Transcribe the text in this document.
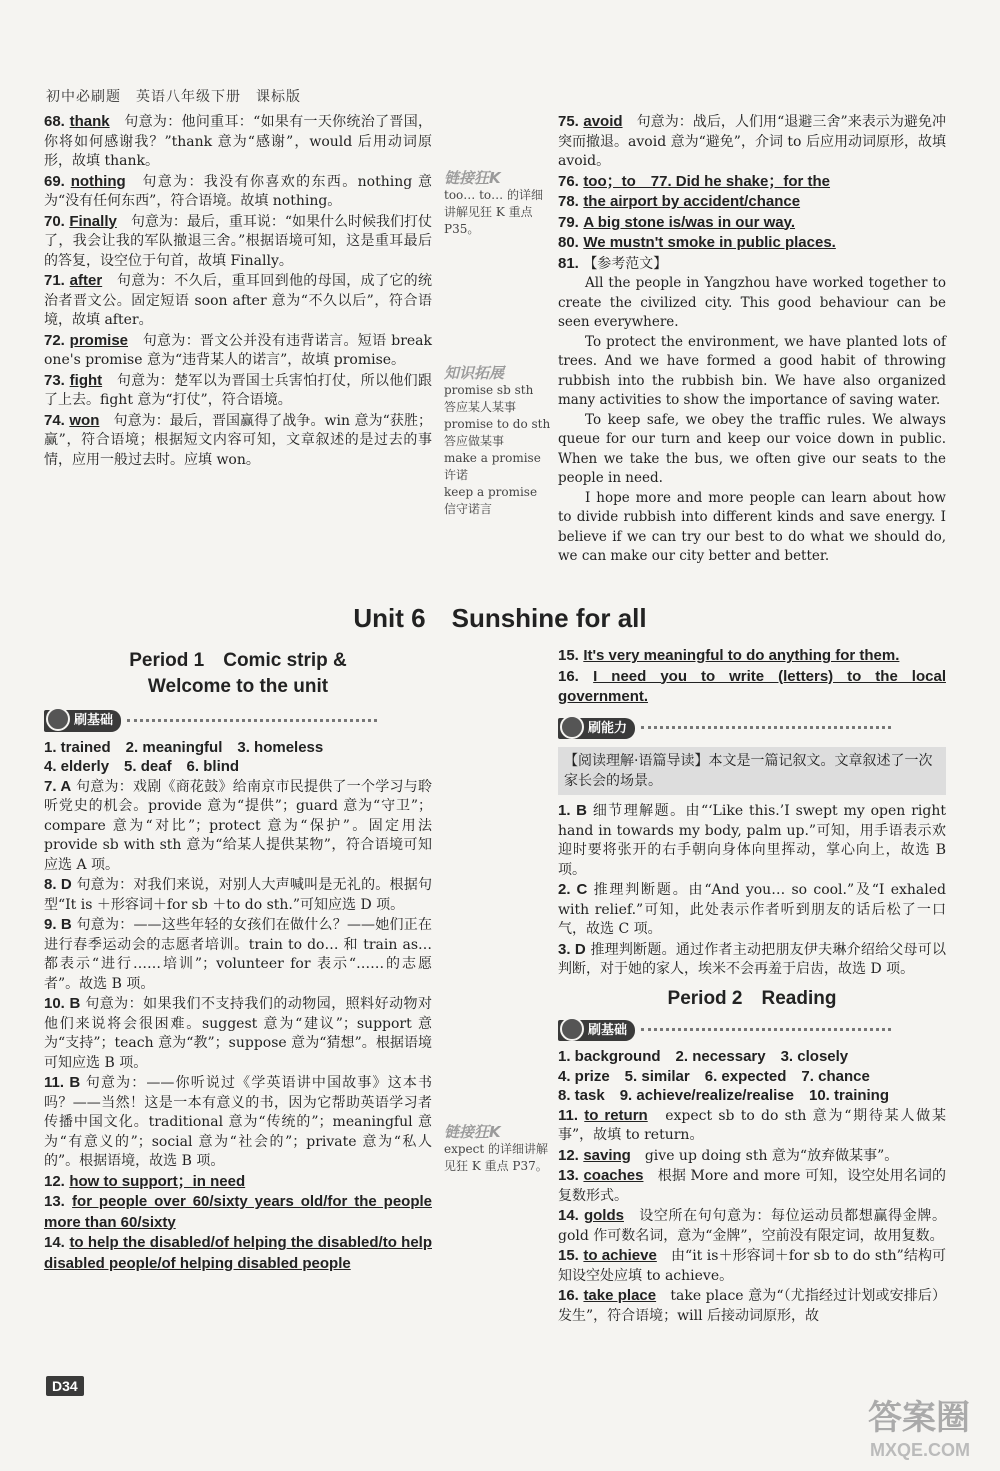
初中必刷题　英语八年级下册　课标版

68. thank　 句意为：他问重耳：“如果有一天你统治了晋国，你将如何感谢我？”thank 意为“感谢”，would 后用动词原形，故填 thank。

69. nothing　 句意为：我没有你喜欢的东西。nothing 意为“没有任何东西”，符合语境。故填 nothing。

70. Finally　 句意为：最后，重耳说：“如果什么时候我们打仗了，我会让我的军队撤退三舍。”根据语境可知，这是重耳最后的答复，设空位于句首，故填 Finally。

71. after　 句意为：不久后，重耳回到他的母国，成了它的统治者晋文公。固定短语 soon after 意为“不久以后”，符合语境，故填 after。

72. promise　 句意为：晋文公并没有违背诺言。短语 break one's promise 意为“违背某人的诺言”，故填 promise。

73. fight　 句意为：楚军以为晋国士兵害怕打仗，所以他们跟了上去。fight 意为“打仗”，符合语境。

74. won　 句意为：最后，晋国赢得了战争。win 意为“获胜；赢”，符合语境；根据短文内容可知，文章叙述的是过去的事情，应用一般过去时。应填 won。

链接狂K
too… to… 的详细讲解见狂 K 重点 P35。
知识拓展
promise sb sth
答应某人某事
promise to do sth
答应做某事
make a promise
许诺
keep a promise
信守诺言

75. avoid　 句意为：战后，人们用“退避三舍”来表示为避免冲突而撤退。avoid 意为“避免”，介词 to 后应用动词原形，故填 avoid。

76. too；to　77. Did he shake；for the　

78. the airport by accident/chance　

79. A big stone is/was in our way.　

80. We mustn't smoke in public places.　

81. 【参考范文】

All the people in Yangzhou have worked together to create the civilized city. This good behaviour can be seen everywhere.

To protect the environment, we have planted lots of trees. And we have formed a good habit of throwing rubbish into the rubbish bin. We have also organized many activities to show the importance of saving water.

To keep safe, we obey the traffic rules. We always queue for our turn and keep our voice down in public. When we take the bus, we often give our seats to the people in need.

I hope more and more people can learn about how to divide rubbish into different kinds and save energy. I believe if we can try our best to do what we should do, we can make our city better and better.

Unit 6　Sunshine for all
Period 1　Comic strip &
Welcome to the unit
刷基础

1. trained　2. meaningful　3. homeless

4. elderly　5. deaf　6. blind

7. A 句意为：戏剧《商花鼓》给南京市民提供了一个学习与聆听党史的机会。provide 意为“提供”；guard 意为“守卫”；compare 意为“对比”；protect 意为“保护”。固定用法 provide sb with sth 意为“给某人提供某物”，符合语境可知应选 A 项。

8. D 句意为：对我们来说，对别人大声喊叫是无礼的。根据句型“It is ＋形容词＋for sb ＋to do sth.”可知应选 D 项。

9. B 句意为：——这些年轻的女孩们在做什么？——她们正在进行春季运动会的志愿者培训。train to do… 和 train as… 都表示“进行……培训”；volunteer for 表示“……的志愿者”。故选 B 项。

10. B 句意为：如果我们不支持我们的动物园，照料好动物对他们来说将会很困难。suggest 意为“建议”；support 意为“支持”；teach 意为“教”；suppose 意为“猜想”。根据语境可知应选 B 项。

11. B 句意为：——你听说过《学英语讲中国故事》这本书吗？——当然！这是一本有意义的书，因为它帮助英语学习者传播中国文化。traditional 意为“传统的”；meaningful 意为“有意义的”；social 意为“社会的”；private 意为“私人的”。根据语境，故选 B 项。

12. how to support；in need　

13. for people over 60/sixty years old/for the people more than 60/sixty　

14. to help the disabled/of helping the disabled/to help disabled people/of helping disabled people　

15. It's very meaningful to do anything for them.　

16. I need you to write (letters) to the local government.　

刷能力
【阅读理解·语篇导读】本文是一篇记叙文。文章叙述了一次家长会的场景。

1. B 细节理解题。由“‘Like this.’I swept my open right hand in towards my body, palm up.”可知，用手语表示欢迎时要将张开的右手朝向身体向里挥动，掌心向上，故选 B 项。

2. C 推理判断题。由“And you… so cool.”及“I exhaled with relief.”可知，此处表示作者听到朋友的话后松了一口气，故选 C 项。

3. D 推理判断题。通过作者主动把朋友伊夫琳介绍给父母可以判断，对于她的家人，埃米不会再羞于启齿，故选 D 项。

Period 2　Reading
刷基础

1. background　2. necessary　3. closely

4. prize　5. similar　6. expected　7. chance

8. task　9. achieve/realize/realise　10. training

11. to return　 expect sb to do sth 意为“期待某人做某事”，故填 to return。

12. saving　 give up doing sth 意为“放弃做某事”。

13. coaches　 根据 More and more 可知，设空处用名词的复数形式。

14. golds　 设空所在句句意为：每位运动员都想赢得金牌。gold 作可数名词，意为“金牌”，空前没有限定词，故用复数。

15. to achieve　 由“it is＋形容词＋for sb to do sth”结构可知设空处应填 to achieve。

16. take place　 take place 意为“（尤指经过计划或安排后）发生”，符合语境；will 后接动词原形，故

链接狂K
expect 的详细讲解见狂 K 重点 P37。
D34
答案圈
MXQE.COM
